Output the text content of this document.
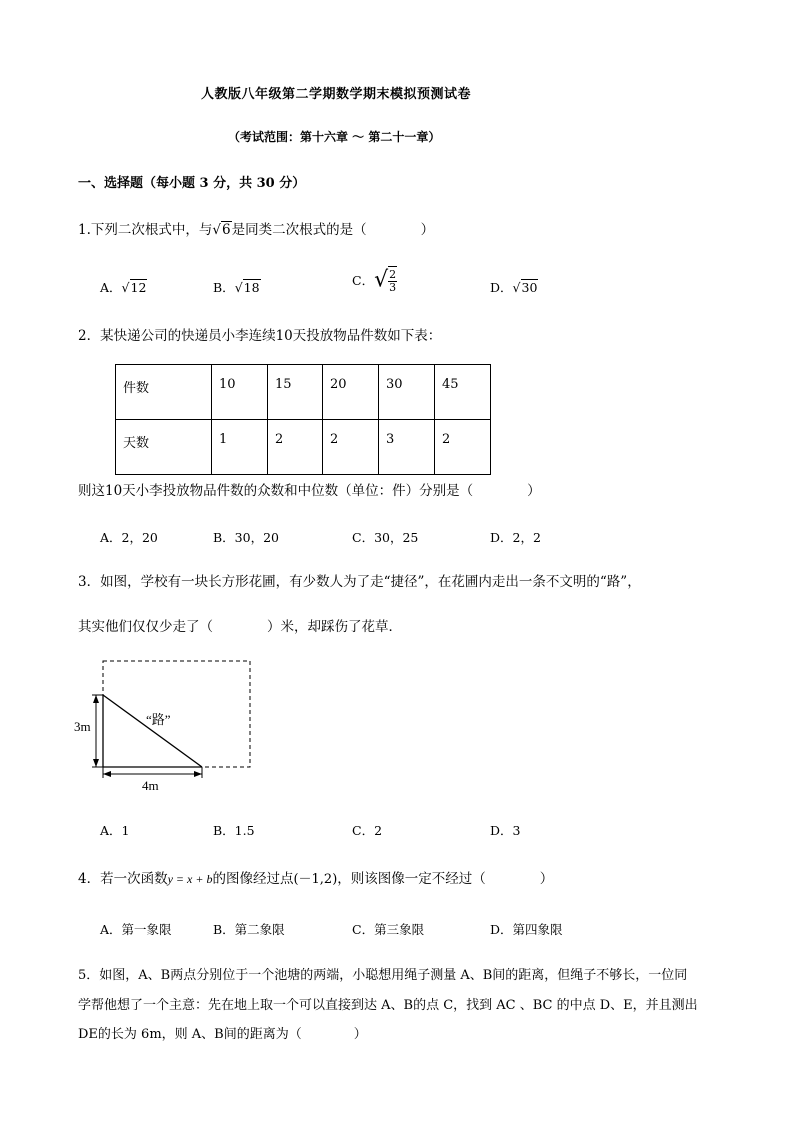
人教版八年级第二学期数学期末模拟预测试卷
（考试范围：第十六章 ～ 第二十一章）
一、选择题（每小题 3 分，共 30 分）
1.下列二次根式中，与√6是同类二次根式的是（　　　　）
A．√12	B．√18	C．√ $\frac{2}{3}$	D．√30
2．某快递公司的快递员小李连续10天投放物品件数如下表：
件数	10	15	20	30	45
天数	1	2	2	3	2
则这10天小李投放物品件数的众数和中位数（单位：件）分别是（　　　　）
A．2，20	B．30，20	C．30，25	D．2，2
3．如图，学校有一块长方形花圃，有少数人为了走“捷径”，在花圃内走出一条不文明的“路”，
其实他们仅仅少走了（　　　　）米，却踩伤了花草．
“路”
3m
4m
A．1	B．1.5	C．2	D．3
4．若一次函数y = x + b的图像经过点(－1,2)，则该图像一定不经过（　　　　）
A．第一象限	B．第二象限	C．第三象限	D．第四象限
5．如图，A、B两点分别位于一个池塘的两端，小聪想用绳子测量 A、B间的距离，但绳子不够长，一位同
学帮他想了一个主意：先在地上取一个可以直接到达 A、B的点 C，找到 AC 、BC 的中点 D、E，并且测出
DE的长为 6m，则 A、B间的距离为（　　　　）
